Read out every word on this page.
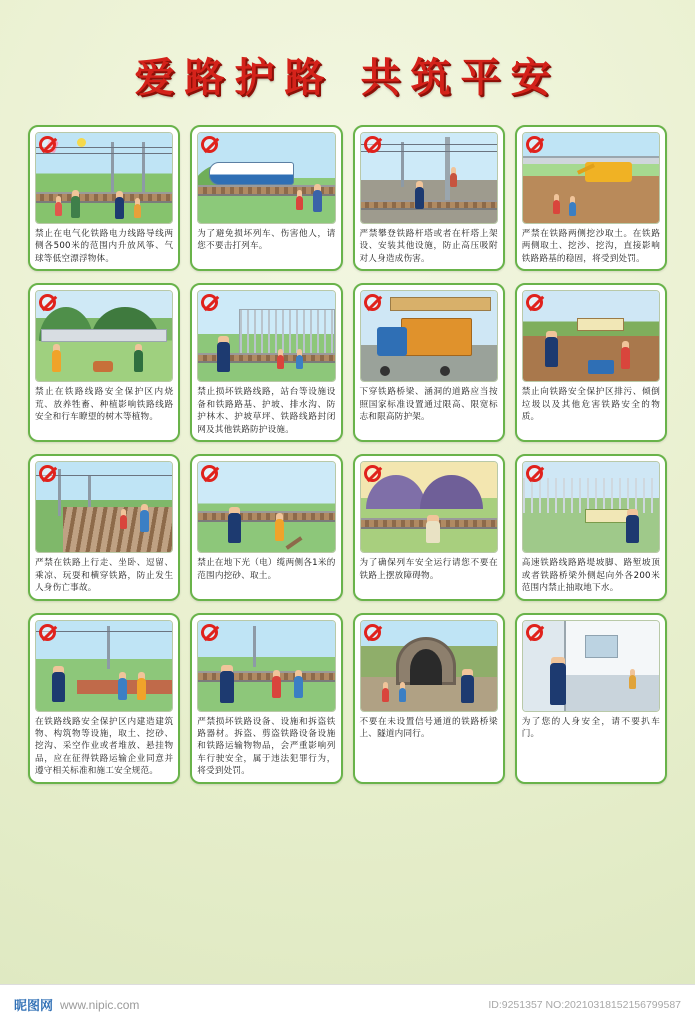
爱路护路 共筑平安
禁止在电气化铁路电力线路导线两侧各500米的范围内升放风筝、气球等低空漂浮物体。
为了避免损坏列车、伤害他人，请您不要击打列车。
严禁攀登铁路杆塔或者在杆塔上架设、安装其他设施，防止高压吸附对人身造成伤害。
严禁在铁路两侧挖沙取土。在铁路两侧取土、挖沙、挖沟，直接影响铁路路基的稳固，将受到处罚。
禁止在铁路线路安全保护区内烧荒、放养牲畜、种植影响铁路线路安全和行车瞭望的树木等植物。
禁止损坏铁路线路，站台等设施设备和铁路路基、护坡、排水沟、防护林木、护坡草坪、铁路线路封闭网及其他铁路防护设施。
下穿铁路桥梁、涵洞的道路应当按照国家标准设置通过限高、限宽标志和限高防护架。
禁止向铁路安全保护区排污、倾倒垃圾以及其他危害铁路安全的物质。
严禁在铁路上行走、坐卧、逗留、乘凉、玩耍和横穿铁路，防止发生人身伤亡事故。
禁止在地下光（电）缆两侧各1米的范围内挖砂、取土。
为了确保列车安全运行请您不要在铁路上摆放障碍物。
高速铁路线路路堤坡脚、路堑坡顶或者铁路桥梁外侧起向外各200米范围内禁止抽取地下水。
在铁路线路安全保护区内建造建筑物、构筑物等设施，取土、挖砂、挖沟、采空作业或者堆放、悬挂物品，应在征得铁路运输企业同意并遵守相关标准和施工安全规范。
严禁损坏铁路设备、设施和拆盗铁路器材。拆盗、剪盗铁路设备设施和铁路运输物物品，会严重影响列车行驶安全，属于违法犯罪行为，将受到处罚。
不要在未设置信号通道的铁路桥梁上、隧道内同行。
为了您的人身安全，请不要扒车门。
昵图网 www.nipic.com	ID:9251357 NO:20210318152156799587
